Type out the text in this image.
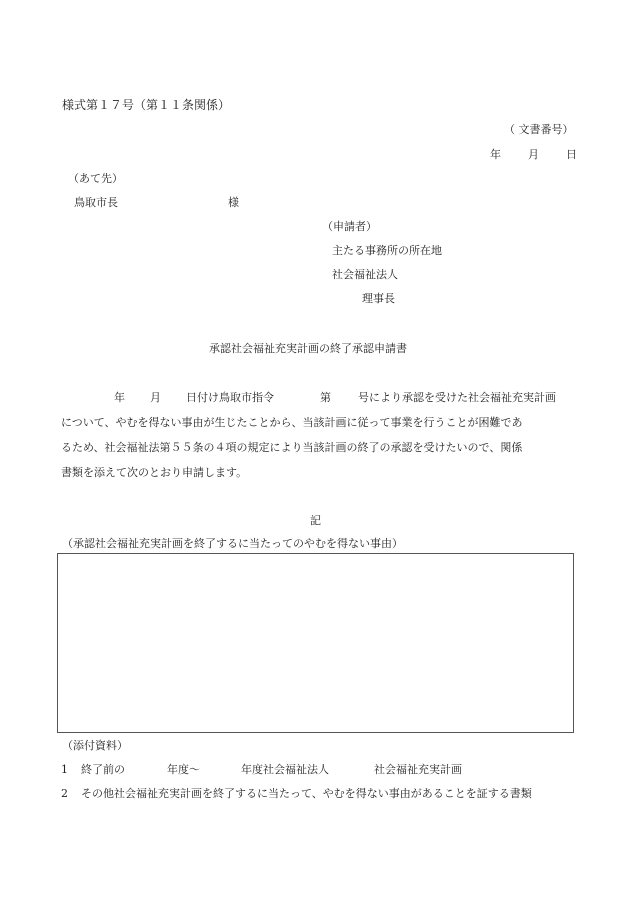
様式第１７号（第１１条関係）
（ 文書番号）
年 月 日
（あて先）
鳥取市長	様
（申請者）
主たる事務所の所在地
社会福祉法人
理事長
承認社会福祉充実計画の終了承認申請書
年 月 日付け鳥取市指令	第 号により承認を受けた社会福祉充実計画
について、やむを得ない事由が生じたことから、当該計画に従って事業を行うことが困難であ
るため、社会福祉法第５５条の４項の規定により当該計画の終了の承認を受けたいので、関係
書類を添えて次のとおり申請します。
記
（承認社会福祉充実計画を終了するに当たってのやむを得ない事由）
（添付資料）
1 終了前の	年度～	年度社会福祉法人	社会福祉充実計画
2 その他社会福祉充実計画を終了するに当たって、やむを得ない事由があることを証する書類
